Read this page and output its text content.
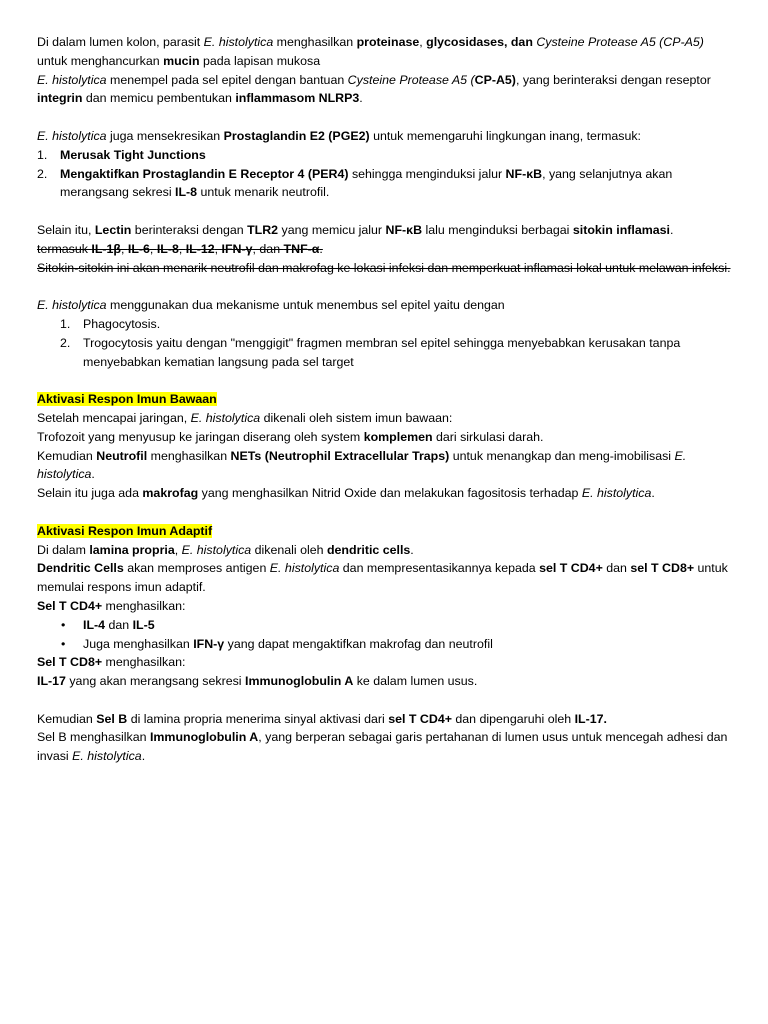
Di dalam lumen kolon, parasit E. histolytica menghasilkan proteinase, glycosidases, dan Cysteine Protease A5 (CP-A5) untuk menghancurkan mucin pada lapisan mukosa

E. histolytica menempel pada sel epitel dengan bantuan Cysteine Protease A5 (CP-A5), yang berinteraksi dengan reseptor integrin dan memicu pembentukan inflammasom NLRP3.

E. histolytica juga mensekresikan Prostaglandin E2 (PGE2) untuk memengaruhi lingkungan inang, termasuk:

1. Merusak Tight Junctions
2. Mengaktifkan Prostaglandin E Receptor 4 (PER4) sehingga menginduksi jalur NF-κB, yang selanjutnya akan merangsang sekresi IL-8 untuk menarik neutrofil.

Selain itu, Lectin berinteraksi dengan TLR2 yang memicu jalur NF-κB lalu menginduksi berbagai sitokin inflamasi.

termasuk IL-1β, IL-6, IL-8, IL-12, IFN-γ, dan TNF-α.

Sitokin-sitokin ini akan menarik neutrofil dan makrofag ke lokasi infeksi dan memperkuat inflamasi lokal untuk melawan infeksi.

E. histolytica menggunakan dua mekanisme untuk menembus sel epitel yaitu dengan

1. Phagocytosis.
2. Trogocytosis yaitu dengan "menggigit" fragmen membran sel epitel sehingga menyebabkan kerusakan tanpa menyebabkan kematian langsung pada sel target

Aktivasi Respon Imun Bawaan

Setelah mencapai jaringan, E. histolytica dikenali oleh sistem imun bawaan:

Trofozoit yang menyusup ke jaringan diserang oleh system komplemen dari sirkulasi darah.

Kemudian Neutrofil menghasilkan NETs (Neutrophil Extracellular Traps) untuk menangkap dan meng-imobilisasi E. histolytica.

Selain itu juga ada makrofag yang menghasilkan Nitrid Oxide dan melakukan fagositosis terhadap E. histolytica.

Aktivasi Respon Imun Adaptif

Di dalam lamina propria, E. histolytica dikenali oleh dendritic cells.

Dendritic Cells akan memproses antigen E. histolytica dan mempresentasikannya kepada sel T CD4+ dan sel T CD8+ untuk memulai respons imun adaptif.

Sel T CD4+ menghasilkan:

• IL-4 dan IL-5
• Juga menghasilkan IFN-γ yang dapat mengaktifkan makrofag dan neutrofil

Sel T CD8+ menghasilkan:

IL-17 yang akan merangsang sekresi Immunoglobulin A ke dalam lumen usus.

Kemudian Sel B di lamina propria menerima sinyal aktivasi dari sel T CD4+ dan dipengaruhi oleh IL-17.

Sel B menghasilkan Immunoglobulin A, yang berperan sebagai garis pertahanan di lumen usus untuk mencegah adhesi dan invasi E. histolytica.
